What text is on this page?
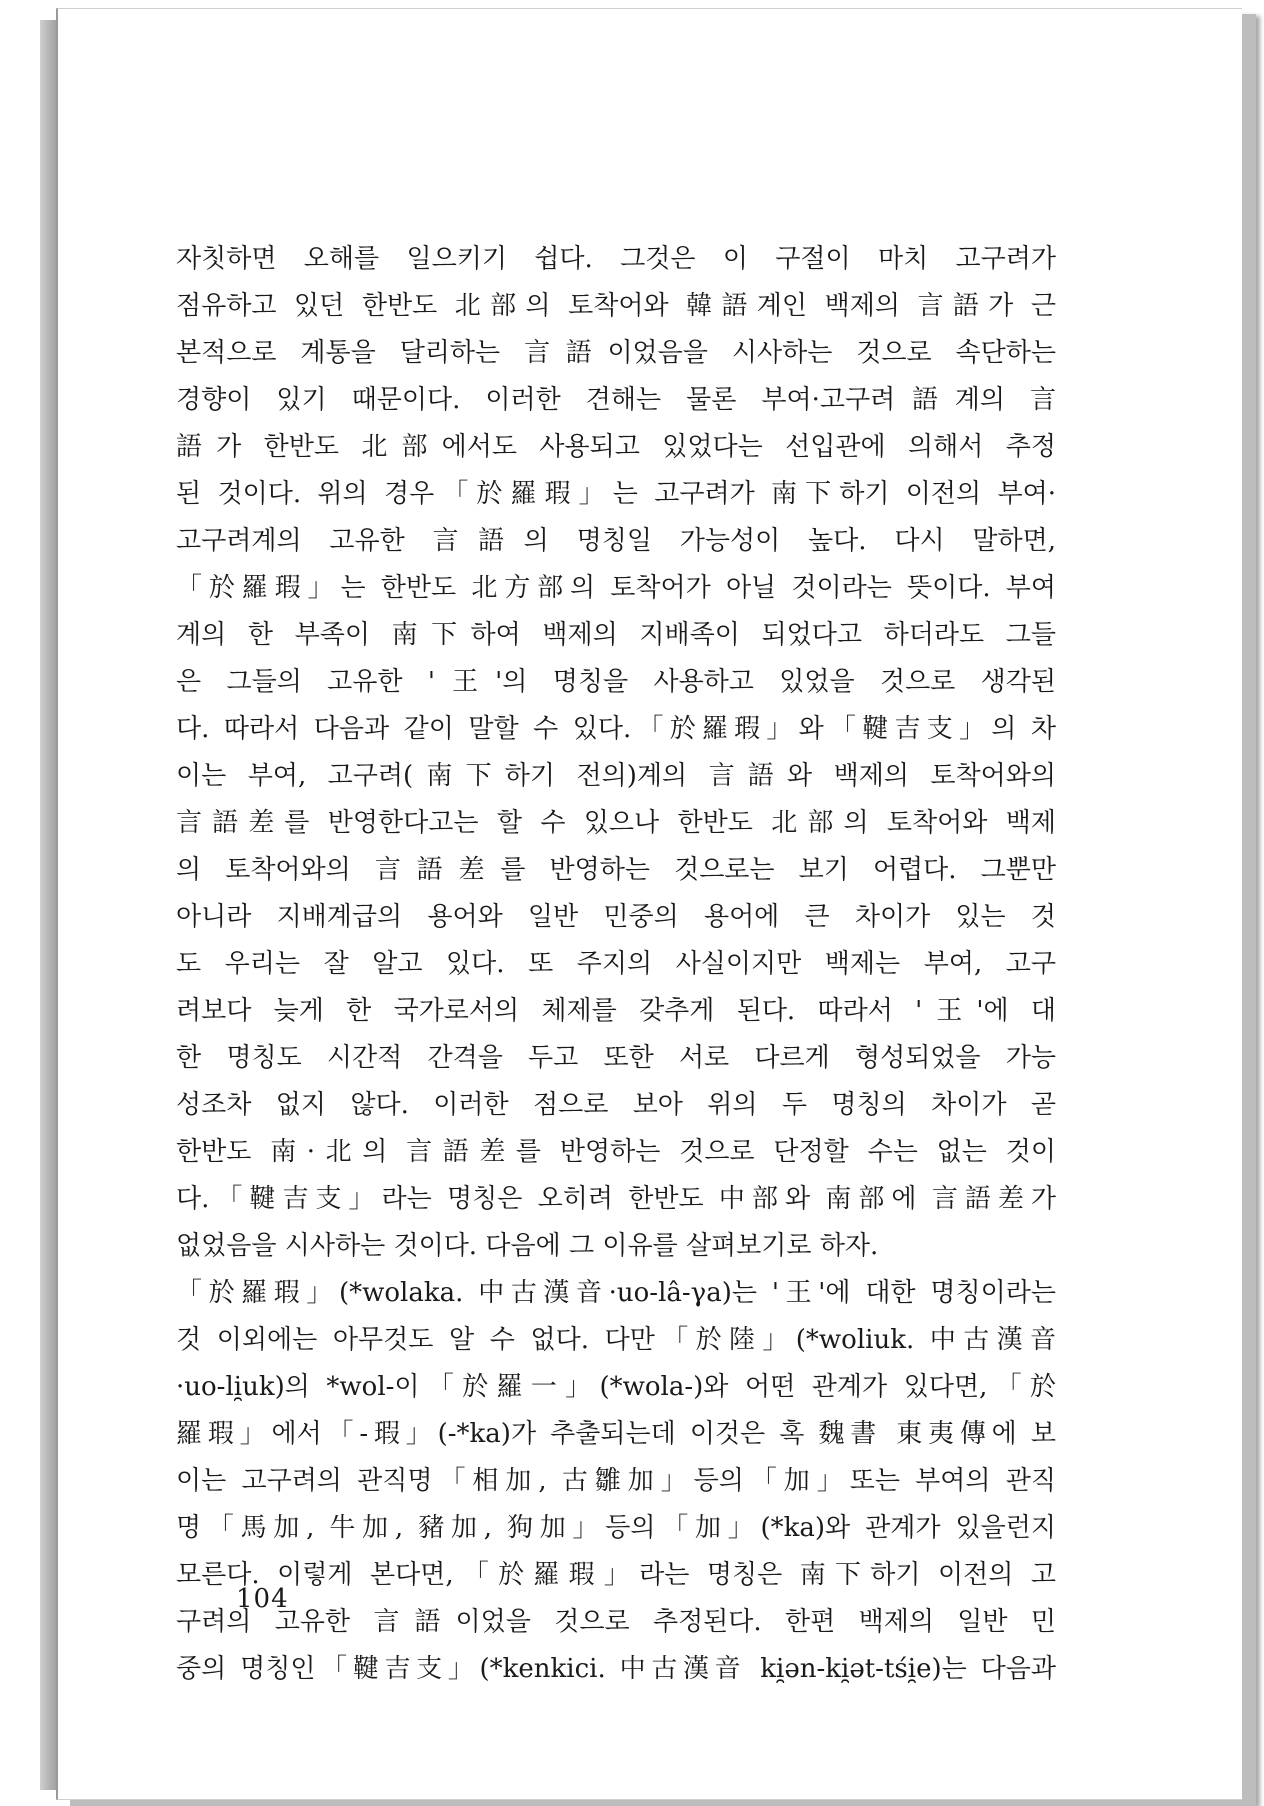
자칫하면 오해를 일으키기 쉽다. 그것은 이 구절이 마치 고구려가
점유하고 있던 한반도 北部의 토착어와 韓語계인 백제의 言語가 근
본적으로 계통을 달리하는 言語이었음을 시사하는 것으로 속단하는
경향이 있기 때문이다. 이러한 견해는 물론 부여·고구려語계의 言
語가 한반도 北部에서도 사용되고 있었다는 선입관에 의해서 추정
된 것이다. 위의 경우「於羅瑕」는 고구려가 南下하기 이전의 부여·
고구려계의 고유한 言語의 명칭일 가능성이 높다. 다시 말하면,
「於羅瑕」는 한반도 北方部의 토착어가 아닐 것이라는 뜻이다. 부여
계의 한 부족이 南下하여 백제의 지배족이 되었다고 하더라도 그들
은 그들의 고유한 '王'의 명칭을 사용하고 있었을 것으로 생각된
다. 따라서 다음과 같이 말할 수 있다.「於羅瑕」와「鞬吉支」의 차
이는 부여, 고구려(南下하기 전의)계의 言語와 백제의 토착어와의
言語差를 반영한다고는 할 수 있으나 한반도 北部의 토착어와 백제
의 토착어와의 言語差를 반영하는 것으로는 보기 어렵다. 그뿐만
아니라 지배계급의 용어와 일반 민중의 용어에 큰 차이가 있는 것
도 우리는 잘 알고 있다. 또 주지의 사실이지만 백제는 부여, 고구
려보다 늦게 한 국가로서의 체제를 갖추게 된다. 따라서 '王'에 대
한 명칭도 시간적 간격을 두고 또한 서로 다르게 형성되었을 가능
성조차 없지 않다. 이러한 점으로 보아 위의 두 명칭의 차이가 곧
한반도 南·北의 言語差를 반영하는 것으로 단정할 수는 없는 것이
다.「鞬吉支」라는 명칭은 오히려 한반도 中部와 南部에 言語差가
없었음을 시사하는 것이다. 다음에 그 이유를 살펴보기로 하자.
「於羅瑕」(*wolaka. 中古漢音·uo-lâ-γa)는 '王'에 대한 명칭이라는
것 이외에는 아무것도 알 수 없다. 다만「於陸」(*woliuk. 中古漢音
·uo-li̯uk)의 *wol-이「於羅一」(*wola-)와 어떤 관계가 있다면,「於
羅瑕」에서「-瑕」(-*ka)가 추출되는데 이것은 혹 魏書 東夷傳에 보
이는 고구려의 관직명「相加, 古雛加」등의「加」또는 부여의 관직
명「馬加, 牛加, 豬加, 狗加」등의「加」(*ka)와 관계가 있을런지
모른다. 이렇게 본다면,「於羅瑕」라는 명칭은 南下하기 이전의 고
구려의 고유한 言語이었을 것으로 추정된다. 한편 백제의 일반 민
중의 명칭인「鞬吉支」(*kenkici. 中古漢音 ki̯ən-ki̯ət-tśi̯e)는 다음과
104
